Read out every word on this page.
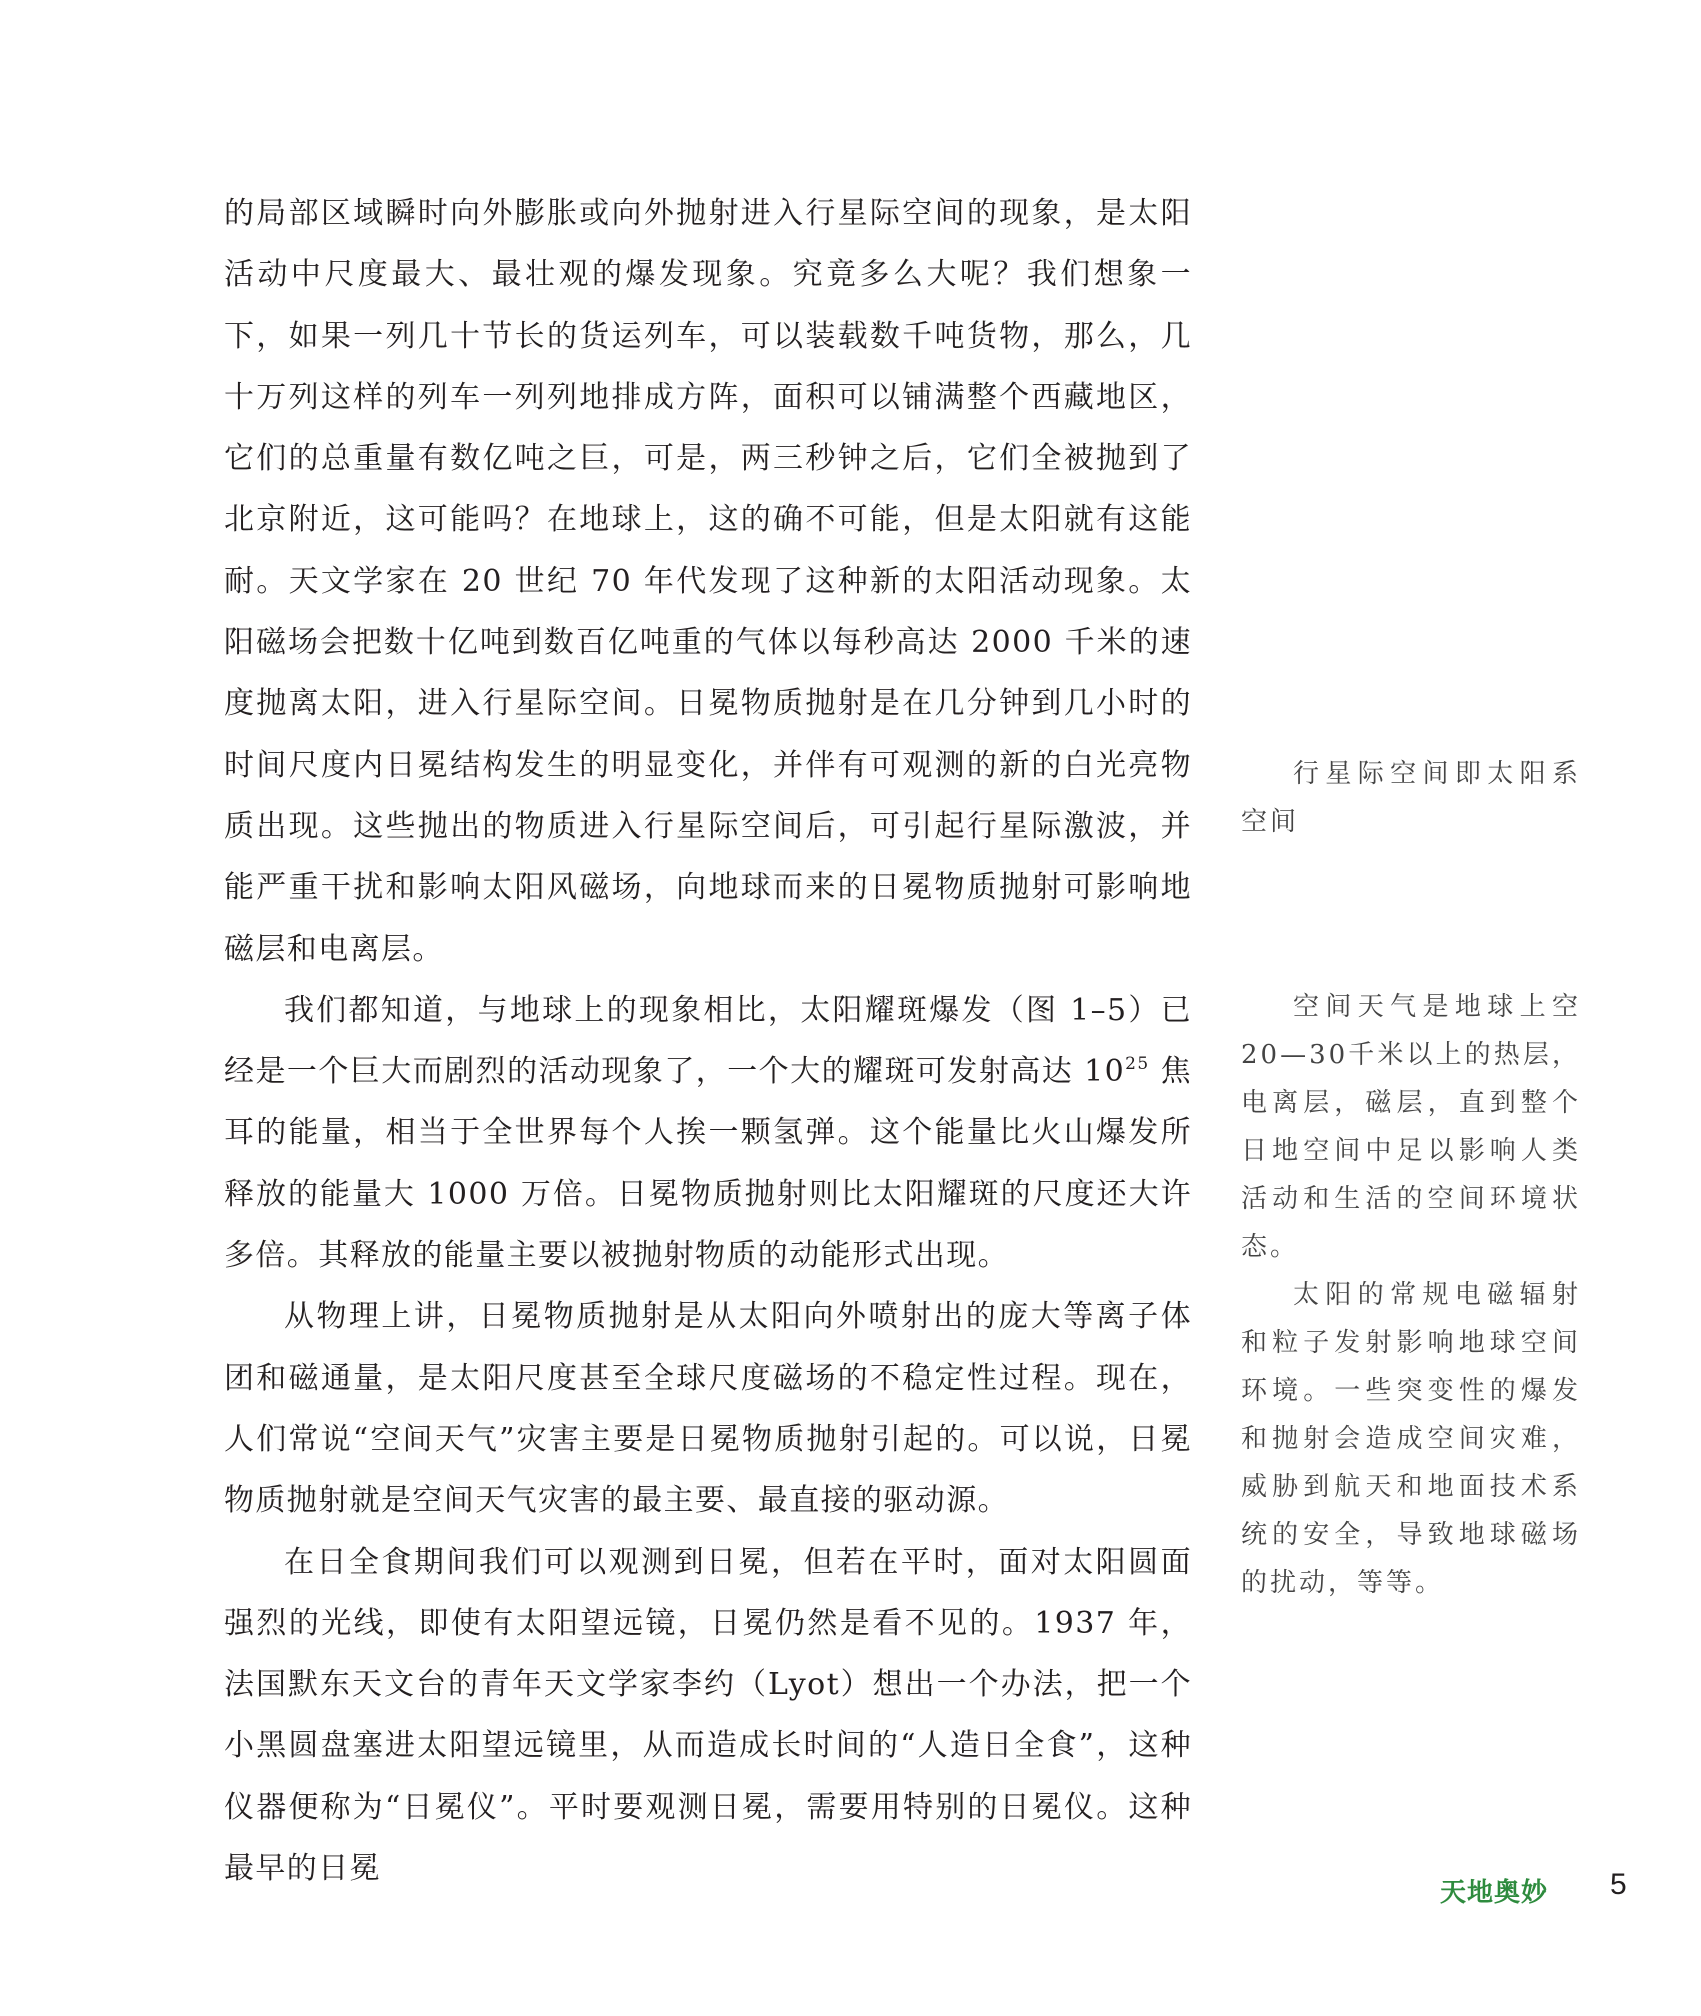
的局部区域瞬时向外膨胀或向外抛射进入行星际空间的现象，是太阳活动中尺度最大、最壮观的爆发现象。究竟多么大呢？我们想象一下，如果一列几十节长的货运列车，可以装载数千吨货物，那么，几十万列这样的列车一列列地排成方阵，面积可以铺满整个西藏地区，它们的总重量有数亿吨之巨，可是，两三秒钟之后，它们全被抛到了北京附近，这可能吗？在地球上，这的确不可能，但是太阳就有这能耐。天文学家在 20 世纪 70 年代发现了这种新的太阳活动现象。太阳磁场会把数十亿吨到数百亿吨重的气体以每秒高达 2000 千米的速度抛离太阳，进入行星际空间。日冕物质抛射是在几分钟到几小时的时间尺度内日冕结构发生的明显变化，并伴有可观测的新的白光亮物质出现。这些抛出的物质进入行星际空间后，可引起行星际激波，并能严重干扰和影响太阳风磁场，向地球而来的日冕物质抛射可影响地磁层和电离层。

我们都知道，与地球上的现象相比，太阳耀斑爆发（图 1–5）已经是一个巨大而剧烈的活动现象了，一个大的耀斑可发射高达 $10^{25}$ 焦耳的能量，相当于全世界每个人挨一颗氢弹。这个能量比火山爆发所释放的能量大 1000 万倍。日冕物质抛射则比太阳耀斑的尺度还大许多倍。其释放的能量主要以被抛射物质的动能形式出现。

从物理上讲，日冕物质抛射是从太阳向外喷射出的庞大等离子体团和磁通量，是太阳尺度甚至全球尺度磁场的不稳定性过程。现在，人们常说“空间天气”灾害主要是日冕物质抛射引起的。可以说，日冕物质抛射就是空间天气灾害的最主要、最直接的驱动源。

在日全食期间我们可以观测到日冕，但若在平时，面对太阳圆面强烈的光线，即使有太阳望远镜，日冕仍然是看不见的。1937 年，法国默东天文台的青年天文学家李约（Lyot）想出一个办法，把一个小黑圆盘塞进太阳望远镜里，从而造成长时间的“人造日全食”，这种仪器便称为“日冕仪”。平时要观测日冕，需要用特别的日冕仪。这种最早的日冕

行星际空间即太阳系空间

空间天气是地球上空20—30千米以上的热层，电离层，磁层，直到整个日地空间中足以影响人类活动和生活的空间环境状态。

太阳的常规电磁辐射和粒子发射影响地球空间环境。一些突变性的爆发和抛射会造成空间灾难，威胁到航天和地面技术系统的安全，导致地球磁场的扰动，等等。

天地奥妙 5
